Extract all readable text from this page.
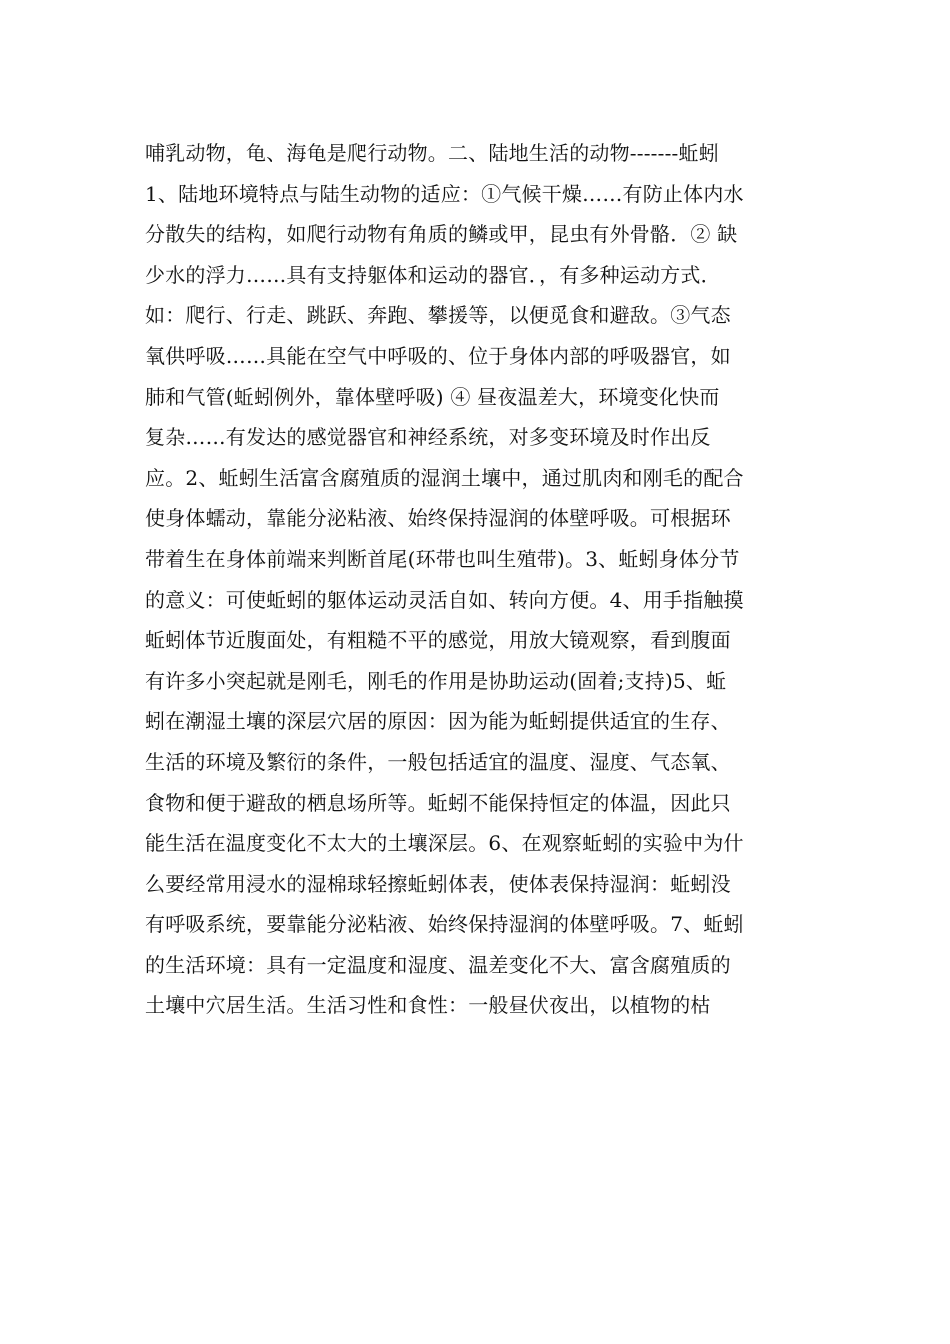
哺乳动物，龟、海龟是爬行动物。二、陆地生活的动物-------蚯蚓
1、陆地环境特点与陆生动物的适应：①气候干燥……有防止体内水
分散失的结构，如爬行动物有角质的鳞或甲，昆虫有外骨骼．② 缺
少水的浮力……具有支持躯体和运动的器官．，有多种运动方式．
如：爬行、行走、跳跃、奔跑、攀援等，以便觅食和避敌。③气态
氧供呼吸……具能在空气中呼吸的、位于身体内部的呼吸器官，如
肺和气管(蚯蚓例外，靠体壁呼吸) ④ 昼夜温差大，环境变化快而
复杂……有发达的感觉器官和神经系统，对多变环境及时作出反
应。2、蚯蚓生活富含腐殖质的湿润土壤中，通过肌肉和刚毛的配合
使身体蠕动，靠能分泌粘液、始终保持湿润的体壁呼吸。可根据环
带着生在身体前端来判断首尾(环带也叫生殖带)。3、蚯蚓身体分节
的意义：可使蚯蚓的躯体运动灵活自如、转向方便。4、用手指触摸
蚯蚓体节近腹面处，有粗糙不平的感觉，用放大镜观察，看到腹面
有许多小突起就是刚毛，刚毛的作用是协助运动(固着;支持)5、蚯
蚓在潮湿土壤的深层穴居的原因：因为能为蚯蚓提供适宜的生存、
生活的环境及繁衍的条件，一般包括适宜的温度、湿度、气态氧、
食物和便于避敌的栖息场所等。蚯蚓不能保持恒定的体温，因此只
能生活在温度变化不太大的土壤深层。6、在观察蚯蚓的实验中为什
么要经常用浸水的湿棉球轻擦蚯蚓体表，使体表保持湿润：蚯蚓没
有呼吸系统，要靠能分泌粘液、始终保持湿润的体壁呼吸。7、蚯蚓
的生活环境：具有一定温度和湿度、温差变化不大、富含腐殖质的
土壤中穴居生活。生活习性和食性：一般昼伏夜出，以植物的枯
